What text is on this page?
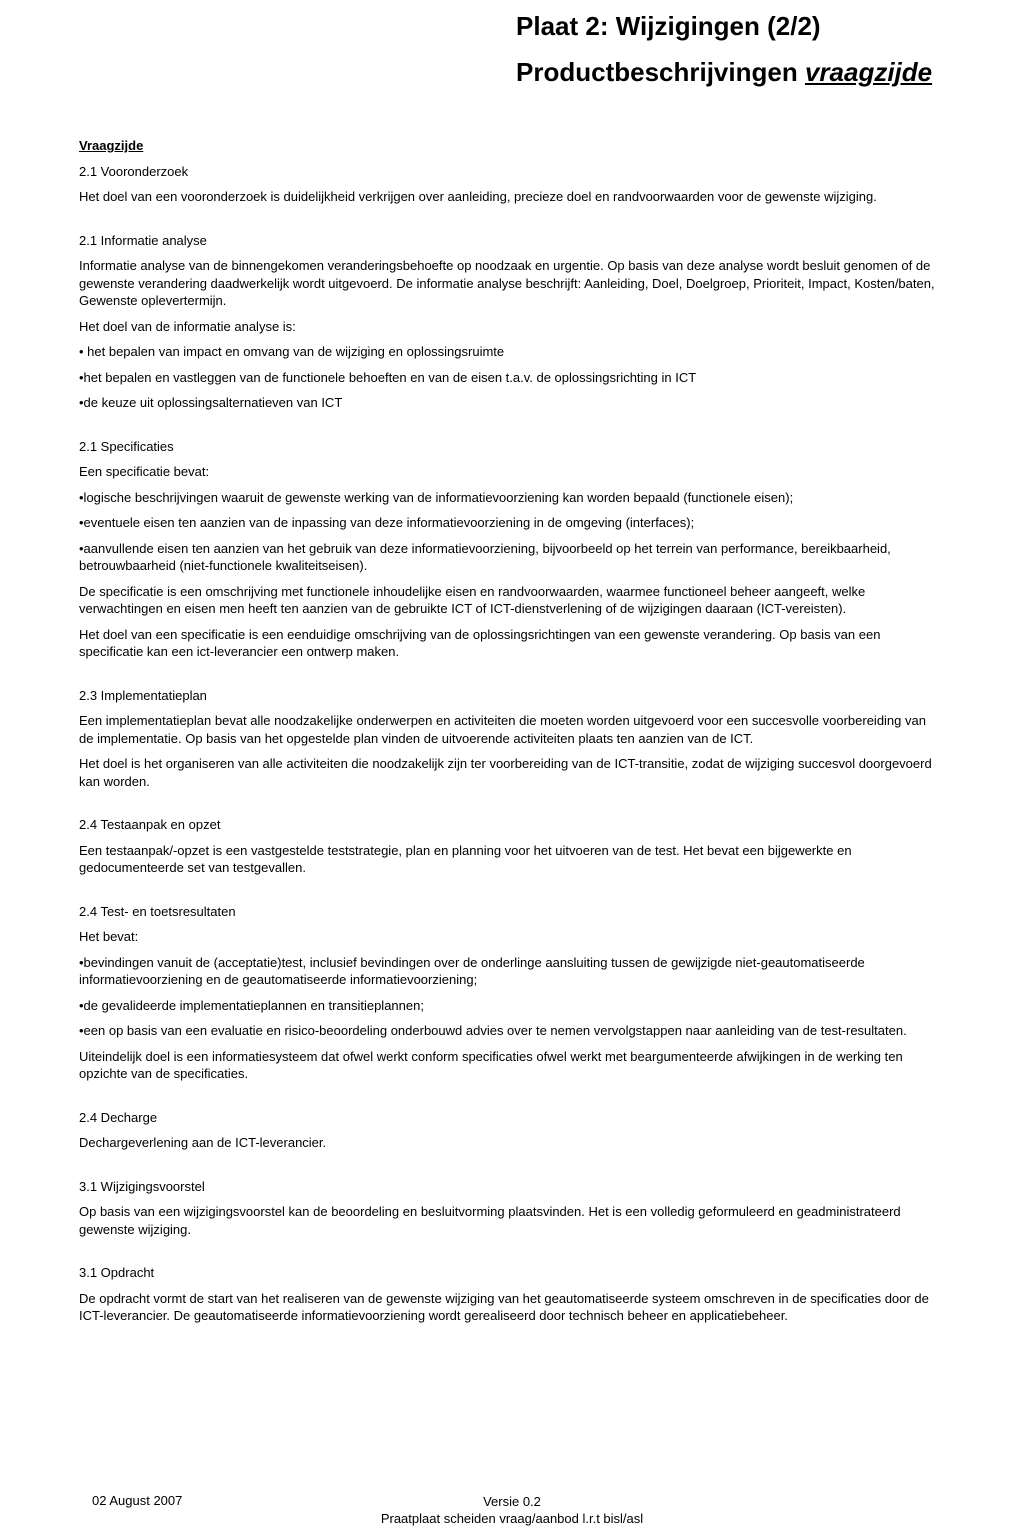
Plaat 2: Wijzigingen (2/2)
Productbeschrijvingen vraagzijde

Vraagzijde

2.1 Vooronderzoek

Het doel van een vooronderzoek is duidelijkheid verkrijgen over aanleiding, precieze doel en randvoorwaarden voor de gewenste wijziging.

2.1 Informatie analyse

Informatie analyse van de binnengekomen veranderingsbehoefte op noodzaak en urgentie. Op basis van deze analyse wordt besluit genomen of de gewenste verandering daadwerkelijk wordt uitgevoerd. De informatie analyse beschrijft: Aanleiding, Doel, Doelgroep, Prioriteit, Impact, Kosten/baten, Gewenste oplevertermijn.

Het doel van de informatie analyse is:

• het bepalen van impact en omvang van de wijziging en oplossingsruimte

•het bepalen en vastleggen van de functionele behoeften en van de eisen t.a.v. de oplossingsrichting in ICT

•de keuze uit oplossingsalternatieven van ICT

2.1 Specificaties

Een specificatie bevat:

•logische beschrijvingen waaruit de gewenste werking van de informatievoorziening kan worden bepaald (functionele eisen);

•eventuele eisen ten aanzien van de inpassing van deze informatievoorziening in de omgeving (interfaces);

•aanvullende eisen ten aanzien van het gebruik van deze informatievoorziening, bijvoorbeeld op het terrein van performance, bereikbaarheid, betrouwbaarheid (niet-functionele kwaliteitseisen).

De specificatie is een omschrijving met functionele inhoudelijke eisen en randvoorwaarden, waarmee functioneel beheer aangeeft, welke verwachtingen en eisen men heeft ten aanzien van de gebruikte ICT of ICT-dienstverlening of de wijzigingen daaraan (ICT-vereisten).

Het doel van een specificatie is een eenduidige omschrijving van de oplossingsrichtingen van een gewenste verandering. Op basis van een specificatie kan een ict-leverancier een ontwerp maken.

2.3 Implementatieplan

Een implementatieplan bevat alle noodzakelijke onderwerpen en activiteiten die moeten worden uitgevoerd voor een succesvolle voorbereiding van de implementatie. Op basis van het opgestelde plan vinden de uitvoerende activiteiten plaats ten aanzien van de ICT.

Het doel is het organiseren van alle activiteiten die noodzakelijk zijn ter voorbereiding van de ICT-transitie, zodat de wijziging succesvol doorgevoerd kan worden.

2.4 Testaanpak en opzet

Een testaanpak/-opzet is een vastgestelde teststrategie, plan en planning voor het uitvoeren van de test. Het bevat een bijgewerkte en gedocumenteerde set van testgevallen.

2.4 Test- en toetsresultaten

Het bevat:

•bevindingen vanuit de (acceptatie)test, inclusief bevindingen over de onderlinge aansluiting tussen de gewijzigde niet-geautomatiseerde informatievoorziening en de geautomatiseerde informatievoorziening;

•de gevalideerde implementatieplannen en transitieplannen;

•een op basis van een evaluatie en risico-beoordeling onderbouwd advies over te nemen vervolgstappen naar aanleiding van de test-resultaten.

Uiteindelijk doel is een informatiesysteem dat ofwel werkt conform specificaties ofwel werkt met beargumenteerde afwijkingen in de werking ten opzichte van de specificaties.

2.4 Decharge

Dechargeverlening aan de ICT-leverancier.

3.1 Wijzigingsvoorstel

Op basis van een wijzigingsvoorstel kan de beoordeling en besluitvorming plaatsvinden. Het is een volledig geformuleerd en geadministrateerd gewenste wijziging.

3.1 Opdracht

De opdracht vormt de start van het realiseren van de gewenste wijziging van het geautomatiseerde systeem omschreven in de specificaties door de ICT-leverancier. De geautomatiseerde informatievoorziening wordt gerealiseerd door technisch beheer en applicatiebeheer.

02 August 2007	Versie 0.2
Praatplaat scheiden vraag/aanbod l.r.t bisl/asl
